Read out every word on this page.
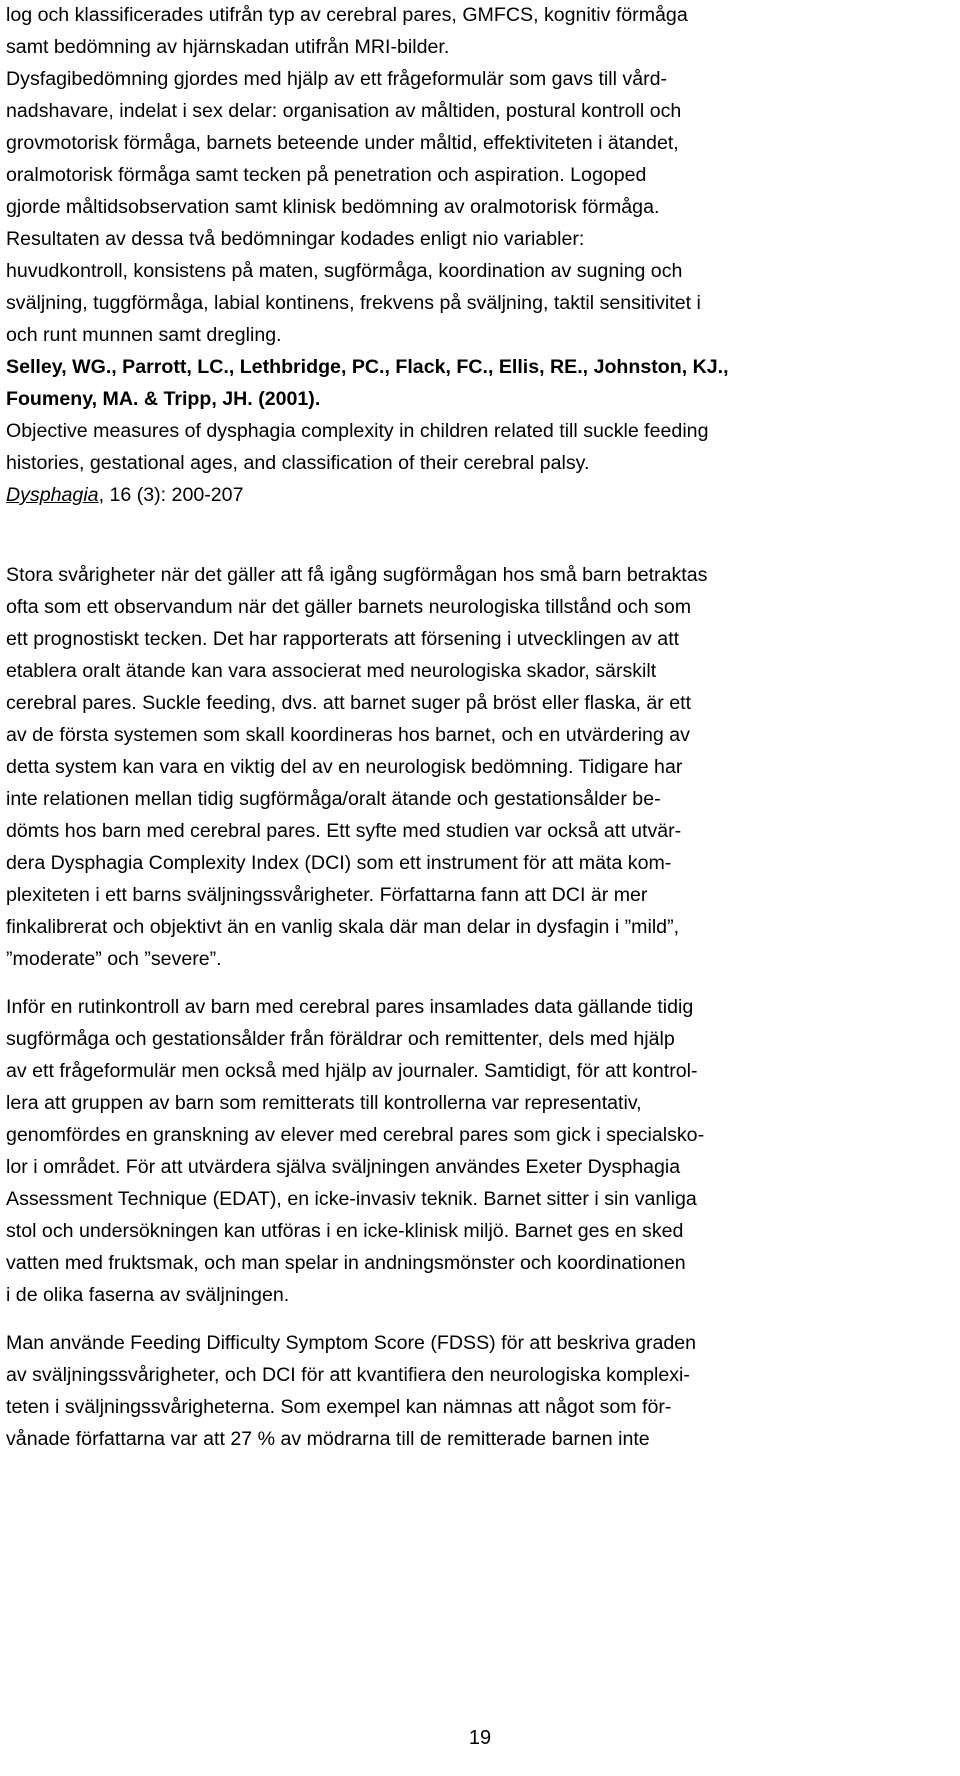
log och klassificerades utifrån typ av cerebral pares, GMFCS, kognitiv förmåga
samt bedömning av hjärnskadan utifrån MRI-bilder.
Dysfagibedömning gjordes med hjälp av ett frågeformulär som gavs till vård-
nadshavare, indelat i sex delar: organisation av måltiden, postural kontroll och
grovmotorisk förmåga, barnets beteende under måltid, effektiviteten i ätandet,
oralmotorisk förmåga samt tecken på penetration och aspiration. Logoped
gjorde måltidsobservation samt klinisk bedömning av oralmotorisk förmåga.
Resultaten av dessa två bedömningar kodades enligt nio variabler:
huvudkontroll, konsistens på maten, sugförmåga, koordination av sugning och
sväljning, tuggförmåga, labial kontinens, frekvens på sväljning, taktil sensitivitet i
och runt munnen samt dregling.
Selley, WG., Parrott, LC., Lethbridge, PC., Flack, FC., Ellis, RE., Johnston, KJ.,
Foumeny, MA. & Tripp, JH. (2001).
Objective measures of dysphagia complexity in children related till suckle feeding
histories, gestational ages, and classification of their cerebral palsy.
Dysphagia, 16 (3): 200-207
Stora svårigheter när det gäller att få igång sugförmågan hos små barn betraktas
ofta som ett observandum när det gäller barnets neurologiska tillstånd och som
ett prognostiskt tecken. Det har rapporterats att försening i utvecklingen av att
etablera oralt ätande kan vara associerat med neurologiska skador, särskilt
cerebral pares. Suckle feeding, dvs. att barnet suger på bröst eller flaska, är ett
av de första systemen som skall koordineras hos barnet, och en utvärdering av
detta system kan vara en viktig del av en neurologisk bedömning. Tidigare har
inte relationen mellan tidig sugförmåga/oralt ätande och gestationsålder be-
dömts hos barn med cerebral pares. Ett syfte med studien var också att utvär-
dera Dysphagia Complexity Index (DCI) som ett instrument för att mäta kom-
plexiteten i ett barns sväljningssvårigheter. Författarna fann att DCI är mer
finkalibrerat och objektivt än en vanlig skala där man delar in dysfagin i ”mild”,
”moderate” och ”severe”.
Inför en rutinkontroll av barn med cerebral pares insamlades data gällande tidig
sugförmåga och gestationsålder från föräldrar och remittenter, dels med hjälp
av ett frågeformulär men också med hjälp av journaler. Samtidigt, för att kontrol-
lera att gruppen av barn som remitterats till kontrollerna var representativ,
genomfördes en granskning av elever med cerebral pares som gick i specialsko-
lor i området. För att utvärdera själva sväljningen användes Exeter Dysphagia
Assessment Technique (EDAT), en icke-invasiv teknik. Barnet sitter i sin vanliga
stol och undersökningen kan utföras i en icke-klinisk miljö. Barnet ges en sked
vatten med fruktsmak, och man spelar in andningsmönster och koordinationen
i de olika faserna av sväljningen.
Man använde Feeding Difficulty Symptom Score (FDSS) för att beskriva graden
av sväljningssvårigheter, och DCI för att kvantifiera den neurologiska komplexi-
teten i sväljningssvårigheterna. Som exempel kan nämnas att något som för-
vånade författarna var att 27 % av mödrarna till de remitterade barnen inte
19
